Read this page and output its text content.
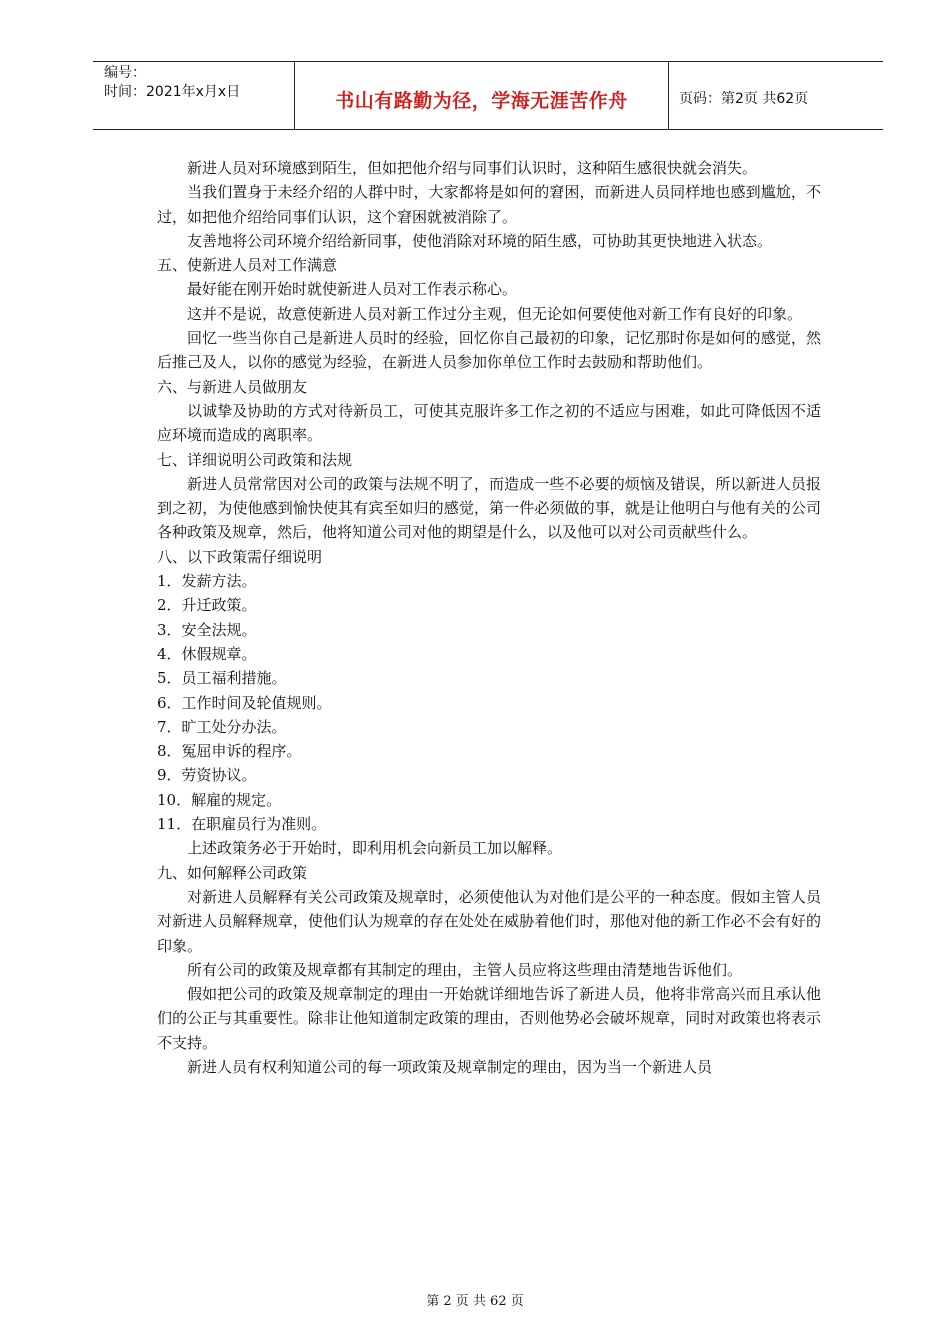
编号：
时间：2021年x月x日	书山有路勤为径，学海无涯苦作舟	页码：第2页 共62页

新进人员对环境感到陌生，但如把他介绍与同事们认识时，这种陌生感很快就会消失。

当我们置身于未经介绍的人群中时，大家都将是如何的窘困，而新进人员同样地也感到尴尬，不过，如把他介绍给同事们认识，这个窘困就被消除了。

友善地将公司环境介绍给新同事，使他消除对环境的陌生感，可协助其更快地进入状态。

五、使新进人员对工作满意

最好能在刚开始时就使新进人员对工作表示称心。

这并不是说，故意使新进人员对新工作过分主观，但无论如何要使他对新工作有良好的印象。

回忆一些当你自己是新进人员时的经验，回忆你自己最初的印象，记忆那时你是如何的感觉，然后推己及人，以你的感觉为经验，在新进人员参加你单位工作时去鼓励和帮助他们。

六、与新进人员做朋友

以诚挚及协助的方式对待新员工，可使其克服许多工作之初的不适应与困难，如此可降低因不适应环境而造成的离职率。

七、详细说明公司政策和法规

新进人员常常因对公司的政策与法规不明了，而造成一些不必要的烦恼及错误，所以新进人员报到之初，为使他感到愉快使其有宾至如归的感觉，第一件必须做的事，就是让他明白与他有关的公司各种政策及规章，然后，他将知道公司对他的期望是什么，以及他可以对公司贡献些什么。

八、以下政策需仔细说明

1．发薪方法。

2．升迁政策。

3．安全法规。

4．休假规章。

5．员工福利措施。

6．工作时间及轮值规则。

7．旷工处分办法。

8．冤屈申诉的程序。

9．劳资协议。

10．解雇的规定。

11．在职雇员行为准则。

上述政策务必于开始时，即利用机会向新员工加以解释。

九、如何解释公司政策

对新进人员解释有关公司政策及规章时，必须使他认为对他们是公平的一种态度。假如主管人员对新进人员解释规章，使他们认为规章的存在处处在威胁着他们时，那他对他的新工作必不会有好的印象。

所有公司的政策及规章都有其制定的理由，主管人员应将这些理由清楚地告诉他们。

假如把公司的政策及规章制定的理由一开始就详细地告诉了新进人员，他将非常高兴而且承认他们的公正与其重要性。除非让他知道制定政策的理由，否则他势必会破坏规章，同时对政策也将表示不支持。

新进人员有权利知道公司的每一项政策及规章制定的理由，因为当一个新进人员

第 2 页 共 62 页
